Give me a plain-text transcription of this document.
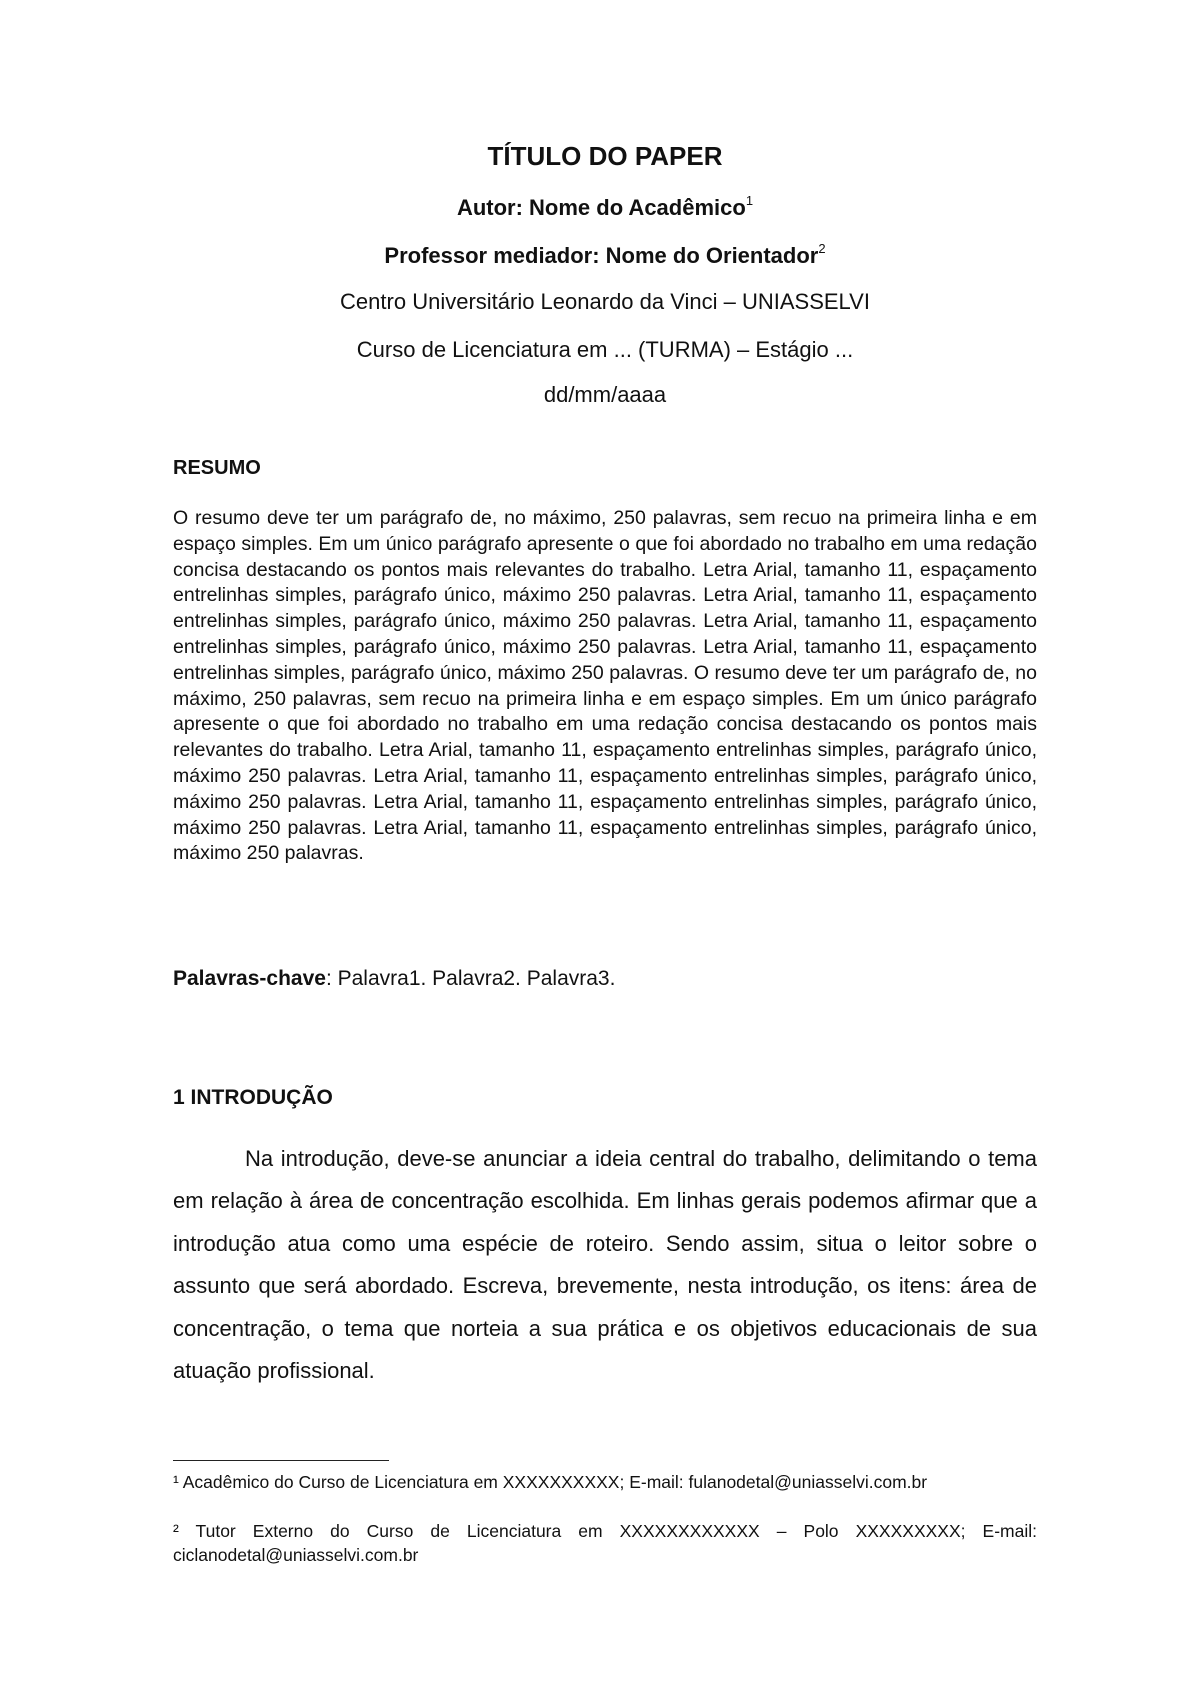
TÍTULO DO PAPER

Autor: Nome do Acadêmico$^1$

Professor mediador: Nome do Orientador$^2$

Centro Universitário Leonardo da Vinci – UNIASSELVI

Curso de Licenciatura em ... (TURMA) – Estágio ...

dd/mm/aaaa

RESUMO

O resumo deve ter um parágrafo de, no máximo, 250 palavras, sem recuo na primeira linha e em espaço simples. Em um único parágrafo apresente o que foi abordado no trabalho em uma redação concisa destacando os pontos mais relevantes do trabalho. Letra Arial, tamanho 11, espaçamento entrelinhas simples, parágrafo único, máximo 250 palavras. Letra Arial, tamanho 11, espaçamento entrelinhas simples, parágrafo único, máximo 250 palavras. Letra Arial, tamanho 11, espaçamento entrelinhas simples, parágrafo único, máximo 250 palavras. Letra Arial, tamanho 11, espaçamento entrelinhas simples, parágrafo único, máximo 250 palavras. O resumo deve ter um parágrafo de, no máximo, 250 palavras, sem recuo na primeira linha e em espaço simples. Em um único parágrafo apresente o que foi abordado no trabalho em uma redação concisa destacando os pontos mais relevantes do trabalho. Letra Arial, tamanho 11, espaçamento entrelinhas simples, parágrafo único, máximo 250 palavras. Letra Arial, tamanho 11, espaçamento entrelinhas simples, parágrafo único, máximo 250 palavras. Letra Arial, tamanho 11, espaçamento entrelinhas simples, parágrafo único, máximo 250 palavras. Letra Arial, tamanho 11, espaçamento entrelinhas simples, parágrafo único, máximo 250 palavras.

Palavras-chave: Palavra1. Palavra2. Palavra3.

1 INTRODUÇÃO

Na introdução, deve-se anunciar a ideia central do trabalho, delimitando o tema em relação à área de concentração escolhida. Em linhas gerais podemos afirmar que a introdução atua como uma espécie de roteiro. Sendo assim, situa o leitor sobre o assunto que será abordado. Escreva, brevemente, nesta introdução, os itens: área de concentração, o tema que norteia a sua prática e os objetivos educacionais de sua atuação profissional.

¹ Acadêmico do Curso de Licenciatura em XXXXXXXXXX; E-mail: fulanodetal@uniasselvi.com.br

² Tutor Externo do Curso de Licenciatura em XXXXXXXXXXXX – Polo XXXXXXXXX; E-mail: ciclanodetal@uniasselvi.com.br
